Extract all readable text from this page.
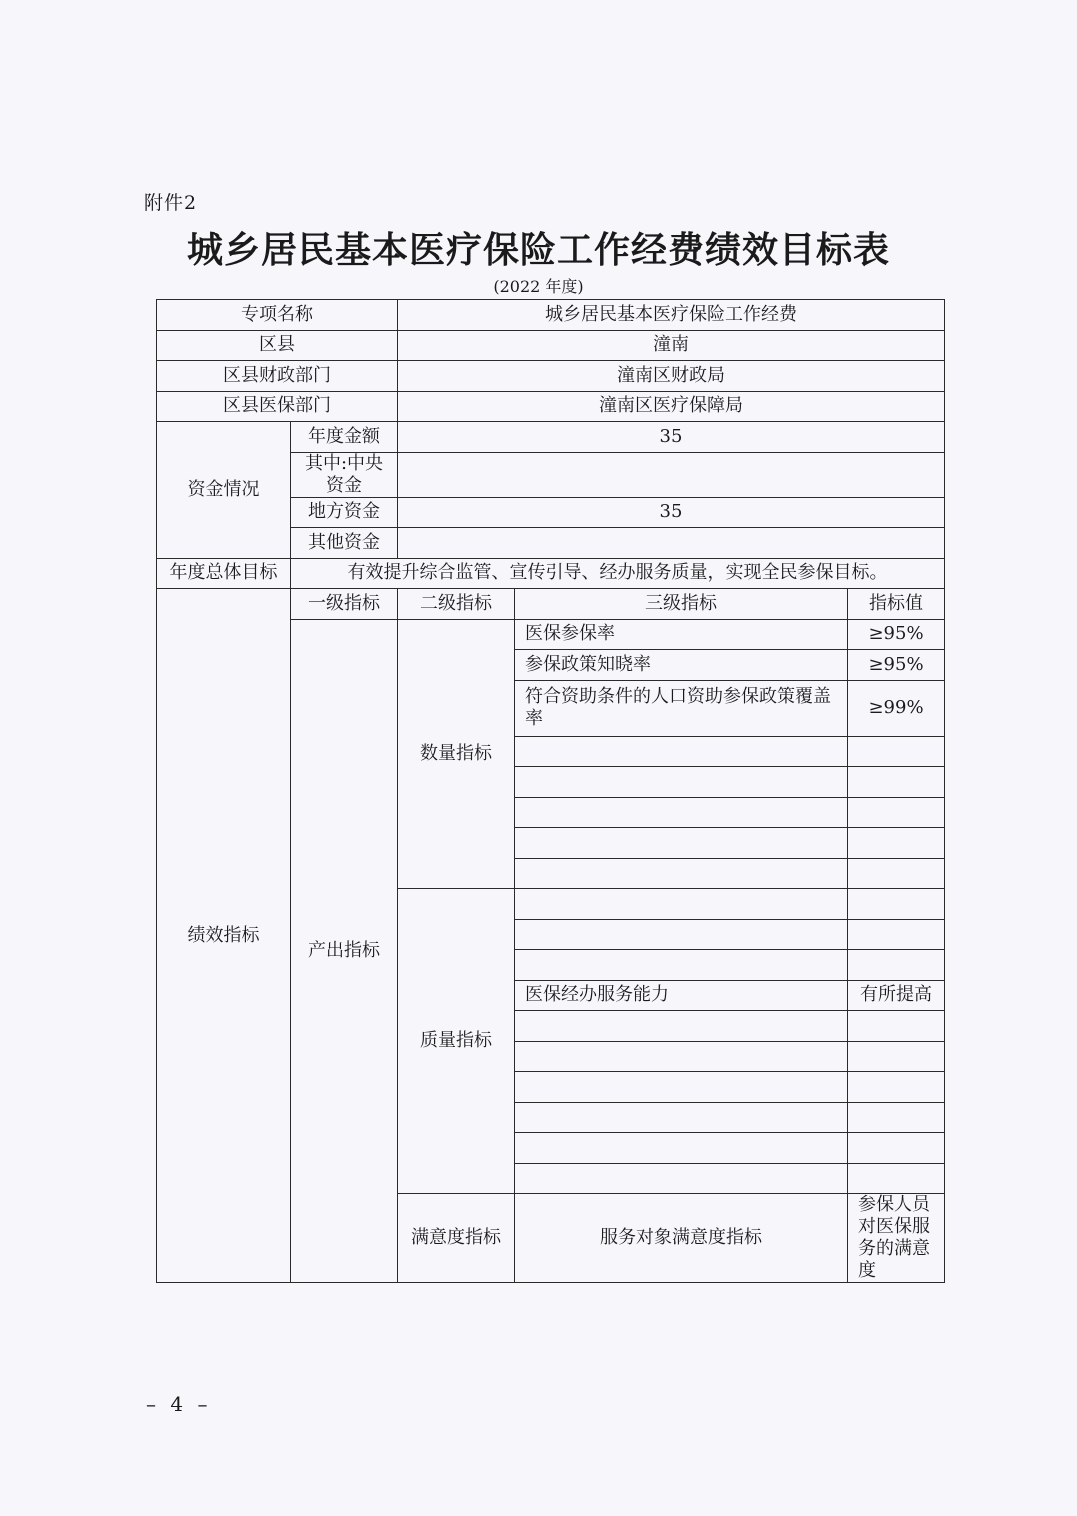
附件2
城乡居民基本医疗保险工作经费绩效目标表
(2022 年度)
专项名称		城乡居民基本医疗保险工作经费			
区县		潼南			
区县财政部门		潼南区财政局			
区县医保部门		潼南区医疗保障局			
资金情况	年度金额	35			
	其中:中央资金				
	地方资金	35			
	其他资金				
年度总体目标	有效提升综合监管、宣传引导、经办服务质量，实现全民参保目标。				
绩效指标	一级指标	二级指标	三级指标	指标值	
	产出指标	数量指标	医保参保率	≥95%	
			参保政策知晓率	≥95%	
			符合资助条件的人口资助参保政策覆盖率	≥99%	

		质量指标			

			医保经办服务能力	有所提高	

		满意度指标	服务对象满意度指标	参保人员对医保服务的满意度	
– 4 –
